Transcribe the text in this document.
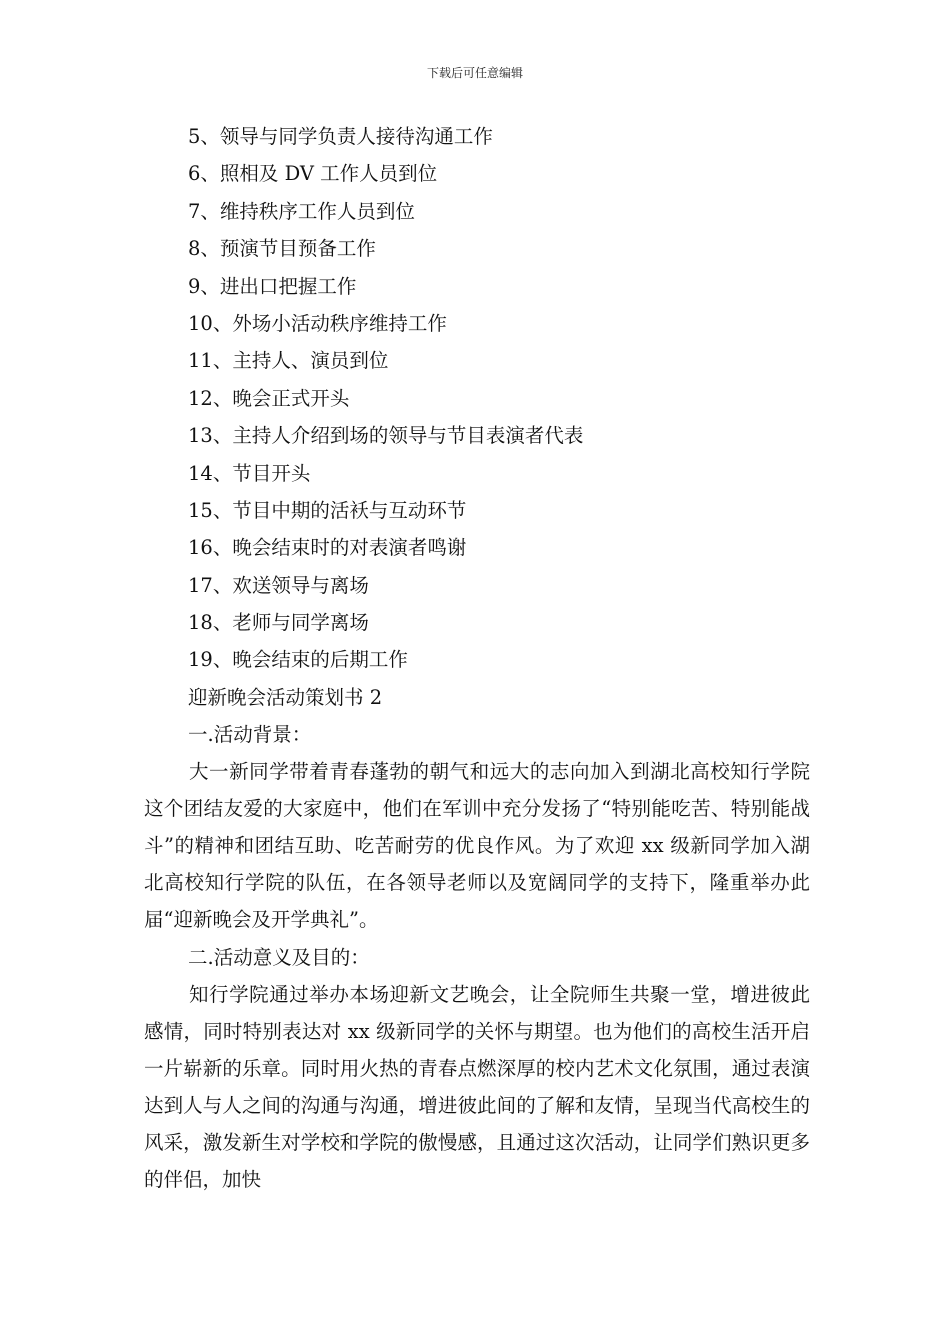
下载后可任意编辑
5、领导与同学负责人接待沟通工作
6、照相及 DV 工作人员到位
7、维持秩序工作人员到位
8、预演节目预备工作
9、进出口把握工作
10、外场小活动秩序维持工作
11、主持人、演员到位
12、晚会正式开头
13、主持人介绍到场的领导与节目表演者代表
14、节目开头
15、节目中期的活袄与互动环节
16、晚会结束时的对表演者鸣谢
17、欢送领导与离场
18、老师与同学离场
19、晚会结束的后期工作
迎新晚会活动策划书 2
一.活动背景：

大一新同学带着青春蓬勃的朝气和远大的志向加入到湖北高校知行学院这个团结友爱的大家庭中，他们在军训中充分发扬了“特别能吃苦、特别能战斗”的精神和团结互助、吃苦耐劳的优良作风。为了欢迎 xx 级新同学加入湖北高校知行学院的队伍，在各领导老师以及宽阔同学的支持下，隆重举办此届“迎新晚会及开学典礼”。

二.活动意义及目的：

知行学院通过举办本场迎新文艺晚会，让全院师生共聚一堂，增进彼此感情，同时特别表达对 xx 级新同学的关怀与期望。也为他们的高校生活开启一片崭新的乐章。同时用火热的青春点燃深厚的校内艺术文化氛围，通过表演达到人与人之间的沟通与沟通，增进彼此间的了解和友情，呈现当代高校生的风采，激发新生对学校和学院的傲慢感，且通过这次活动，让同学们熟识更多的伴侣，加快
